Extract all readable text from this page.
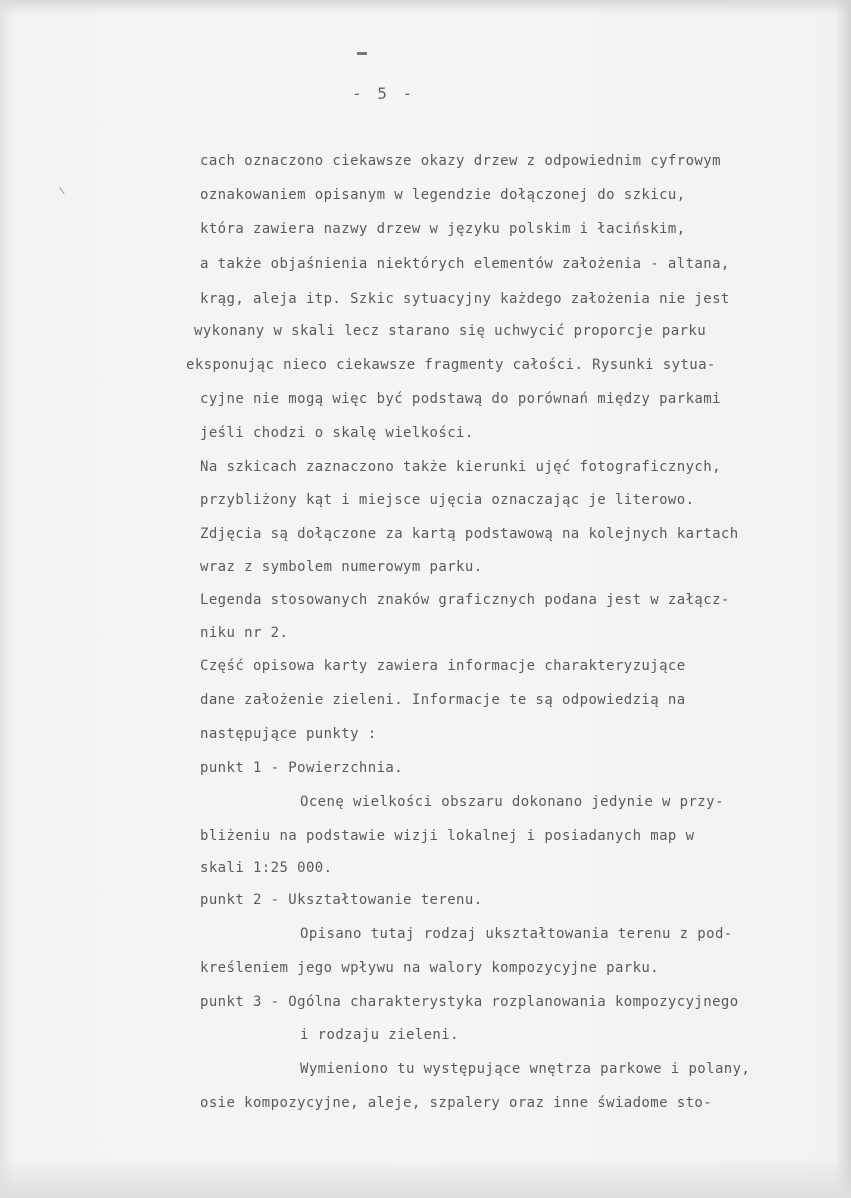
- 5 -
cach oznaczono ciekawsze okazy drzew z odpowiednim cyfrowym
oznakowaniem opisanym w legendzie dołączonej do szkicu,
która zawiera nazwy drzew w języku polskim i łacińskim,
a także objaśnienia niektórych elementów założenia - altana,
krąg, aleja itp. Szkic sytuacyjny każdego założenia nie jest
wykonany w skali lecz starano się uchwycić proporcje parku
eksponując nieco ciekawsze fragmenty całości. Rysunki sytua-
cyjne nie mogą więc być podstawą do porównań między parkami
jeśli chodzi o skalę wielkości.
Na szkicach zaznaczono także kierunki ujęć fotograficznych,
przybliżony kąt i miejsce ujęcia oznaczając je literowo.
Zdjęcia są dołączone za kartą podstawową na kolejnych kartach
wraz z symbolem numerowym parku.
Legenda stosowanych znaków graficznych podana jest w załącz-
niku nr 2.
Część opisowa karty zawiera informacje charakteryzujące
dane założenie zieleni. Informacje te są odpowiedzią na
następujące punkty :
punkt 1 - Powierzchnia.
Ocenę wielkości obszaru dokonano jedynie w przy-
bliżeniu na podstawie wizji lokalnej i posiadanych map w
skali 1:25 000.
punkt 2 - Ukształtowanie terenu.
Opisano tutaj rodzaj ukształtowania terenu z pod-
kreśleniem jego wpływu na walory kompozycyjne parku.
punkt 3 - Ogólna charakterystyka rozplanowania kompozycyjnego
i rodzaju zieleni.
Wymieniono tu występujące wnętrza parkowe i polany,
osie kompozycyjne, aleje, szpalery oraz inne świadome sto-
